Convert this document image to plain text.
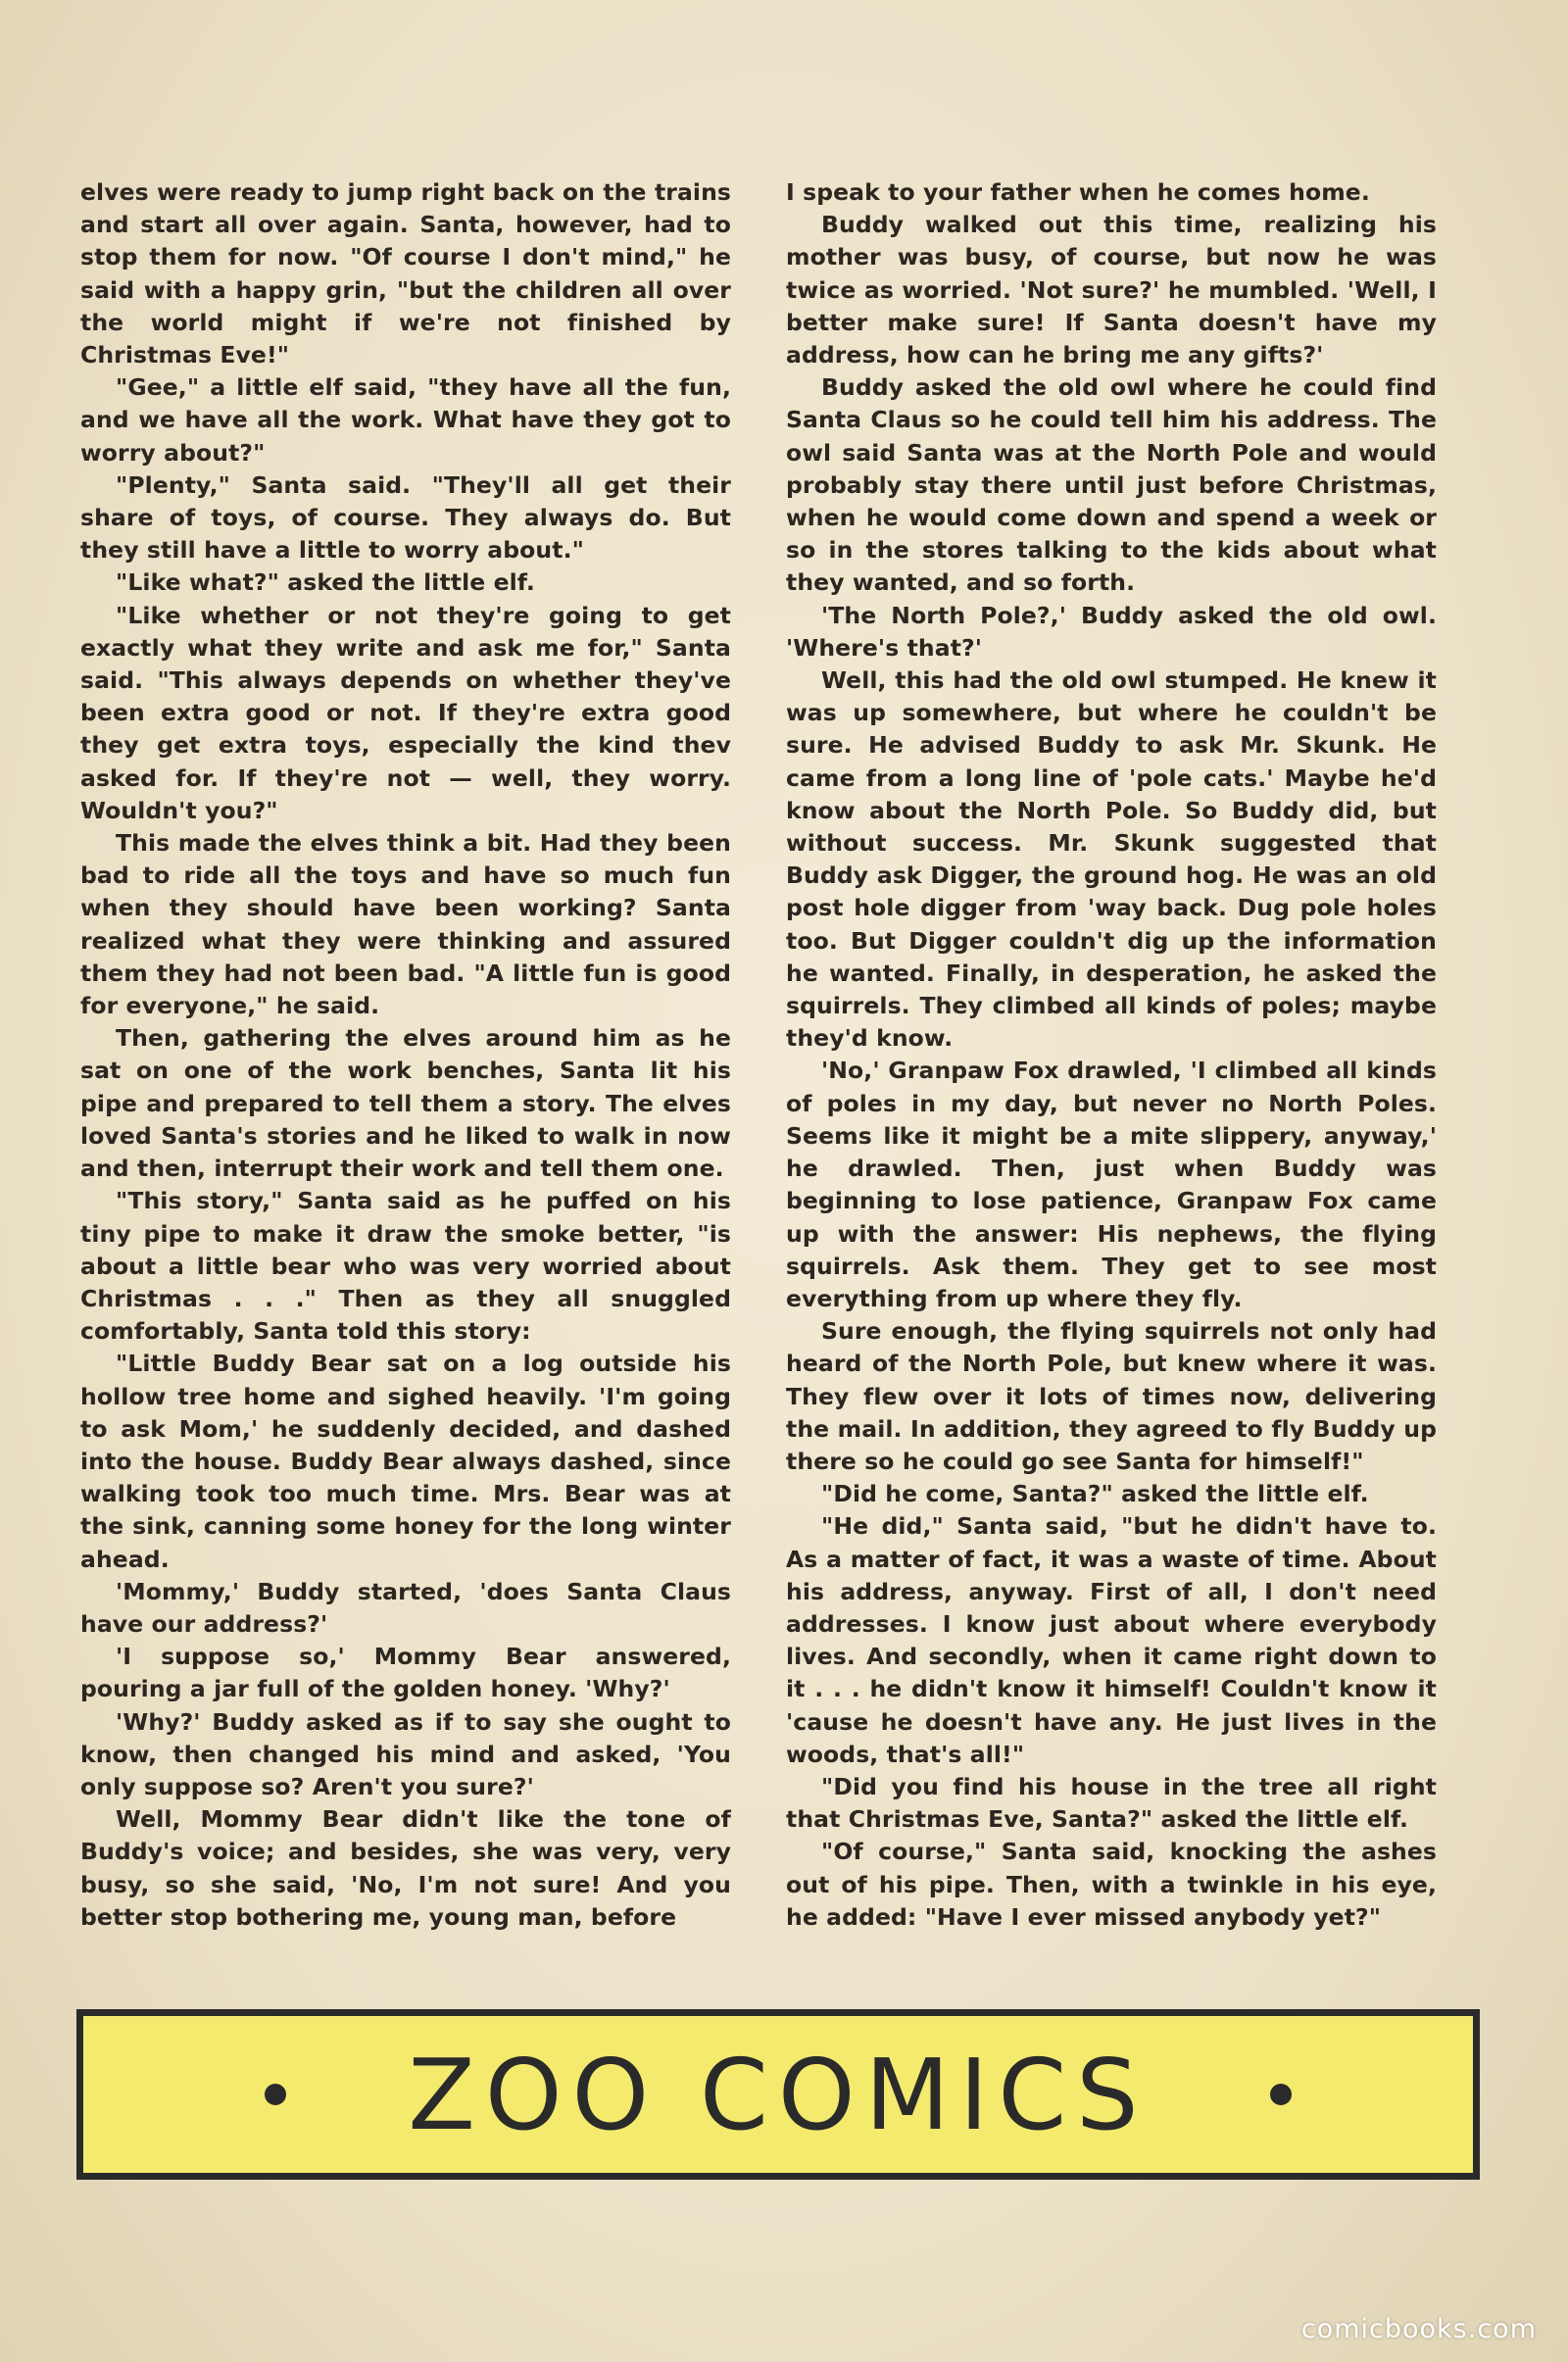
elves were ready to jump right back on the trains and start all over again. Santa, however, had to stop them for now. "Of course I don't mind," he said with a happy grin, "but the children all over the world might if we're not finished by Christmas Eve!"

"Gee," a little elf said, "they have all the fun, and we have all the work. What have they got to worry about?"

"Plenty," Santa said. "They'll all get their share of toys, of course. They always do. But they still have a little to worry about."

"Like what?" asked the little elf.

"Like whether or not they're going to get exactly what they write and ask me for," Santa said. "This always depends on whether they've been extra good or not. If they're extra good they get extra toys, especially the kind thev asked for. If they're not — well, they worry. Wouldn't you?"

This made the elves think a bit. Had they been bad to ride all the toys and have so much fun when they should have been working? Santa realized what they were thinking and assured them they had not been bad. "A little fun is good for everyone," he said.

Then, gathering the elves around him as he sat on one of the work benches, Santa lit his pipe and prepared to tell them a story. The elves loved Santa's stories and he liked to walk in now and then, interrupt their work and tell them one.

"This story," Santa said as he puffed on his tiny pipe to make it draw the smoke better, "is about a little bear who was very worried about Christmas . . ." Then as they all snuggled comfortably, Santa told this story:

"Little Buddy Bear sat on a log outside his hollow tree home and sighed heavily. 'I'm going to ask Mom,' he suddenly decided, and dashed into the house. Buddy Bear always dashed, since walking took too much time. Mrs. Bear was at the sink, canning some honey for the long winter ahead.

'Mommy,' Buddy started, 'does Santa Claus have our address?'

'I suppose so,' Mommy Bear answered, pouring a jar full of the golden honey. 'Why?'

'Why?' Buddy asked as if to say she ought to know, then changed his mind and asked, 'You only suppose so? Aren't you sure?'

Well, Mommy Bear didn't like the tone of Buddy's voice; and besides, she was very, very busy, so she said, 'No, I'm not sure! And you better stop bothering me, young man, before

I speak to your father when he comes home.

Buddy walked out this time, realizing his mother was busy, of course, but now he was twice as worried. 'Not sure?' he mumbled. 'Well, I better make sure! If Santa doesn't have my address, how can he bring me any gifts?'

Buddy asked the old owl where he could find Santa Claus so he could tell him his address. The owl said Santa was at the North Pole and would probably stay there until just before Christmas, when he would come down and spend a week or so in the stores talking to the kids about what they wanted, and so forth.

'The North Pole?,' Buddy asked the old owl. 'Where's that?'

Well, this had the old owl stumped. He knew it was up somewhere, but where he couldn't be sure. He advised Buddy to ask Mr. Skunk. He came from a long line of 'pole cats.' Maybe he'd know about the North Pole. So Buddy did, but without success. Mr. Skunk suggested that Buddy ask Digger, the ground hog. He was an old post hole digger from 'way back. Dug pole holes too. But Digger couldn't dig up the information he wanted. Finally, in desperation, he asked the squirrels. They climbed all kinds of poles; maybe they'd know.

'No,' Granpaw Fox drawled, 'I climbed all kinds of poles in my day, but never no North Poles. Seems like it might be a mite slippery, anyway,' he drawled. Then, just when Buddy was beginning to lose patience, Granpaw Fox came up with the answer: His nephews, the flying squirrels. Ask them. They get to see most everything from up where they fly.

Sure enough, the flying squirrels not only had heard of the North Pole, but knew where it was. They flew over it lots of times now, delivering the mail. In addition, they agreed to fly Buddy up there so he could go see Santa for himself!"

"Did he come, Santa?" asked the little elf.

"He did," Santa said, "but he didn't have to. As a matter of fact, it was a waste of time. About his address, anyway. First of all, I don't need addresses. I know just about where everybody lives. And secondly, when it came right down to it . . . he didn't know it himself! Couldn't know it 'cause he doesn't have any. He just lives in the woods, that's all!"

"Did you find his house in the tree all right that Christmas Eve, Santa?" asked the little elf.

"Of course," Santa said, knocking the ashes out of his pipe. Then, with a twinkle in his eye, he added: "Have I ever missed anybody yet?"

ZOO COMICS
comicbooks.com
